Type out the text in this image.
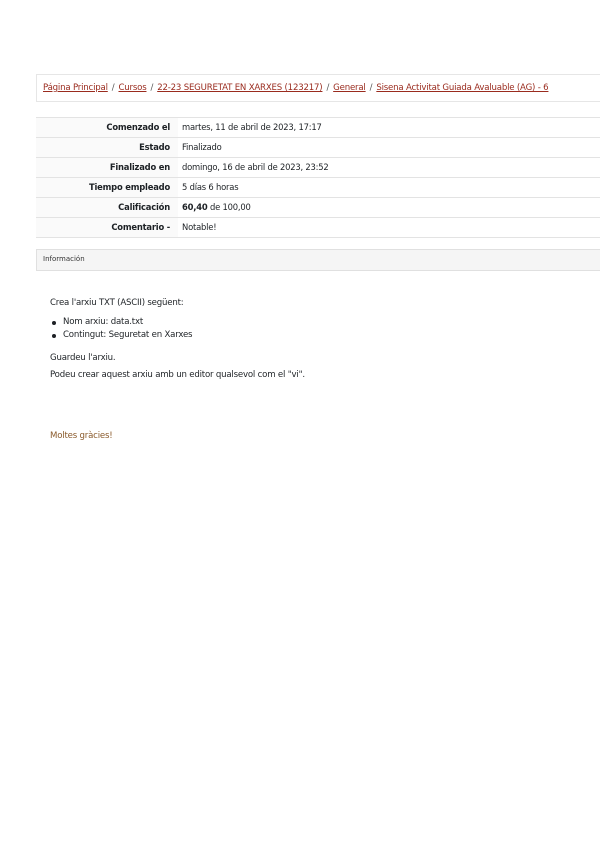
Página Principal / Cursos / 22-23 SEGURETAT EN XARXES (123217) / General / Sisena Activitat Guiada Avaluable (AG) - 6
Comenzado el	martes, 11 de abril de 2023, 17:17
Estado	Finalizado
Finalizado en	domingo, 16 de abril de 2023, 23:52
Tiempo empleado	5 días 6 horas
Calificación	60,40 de 100,00
Comentario -	Notable!
Información

Crea l'arxiu TXT (ASCII) següent:

Nom arxiu: data.txt
Contingut: Seguretat en Xarxes

Guardeu l'arxiu.

Podeu crear aquest arxiu amb un editor qualsevol com el "vi".

Moltes gràcies!
